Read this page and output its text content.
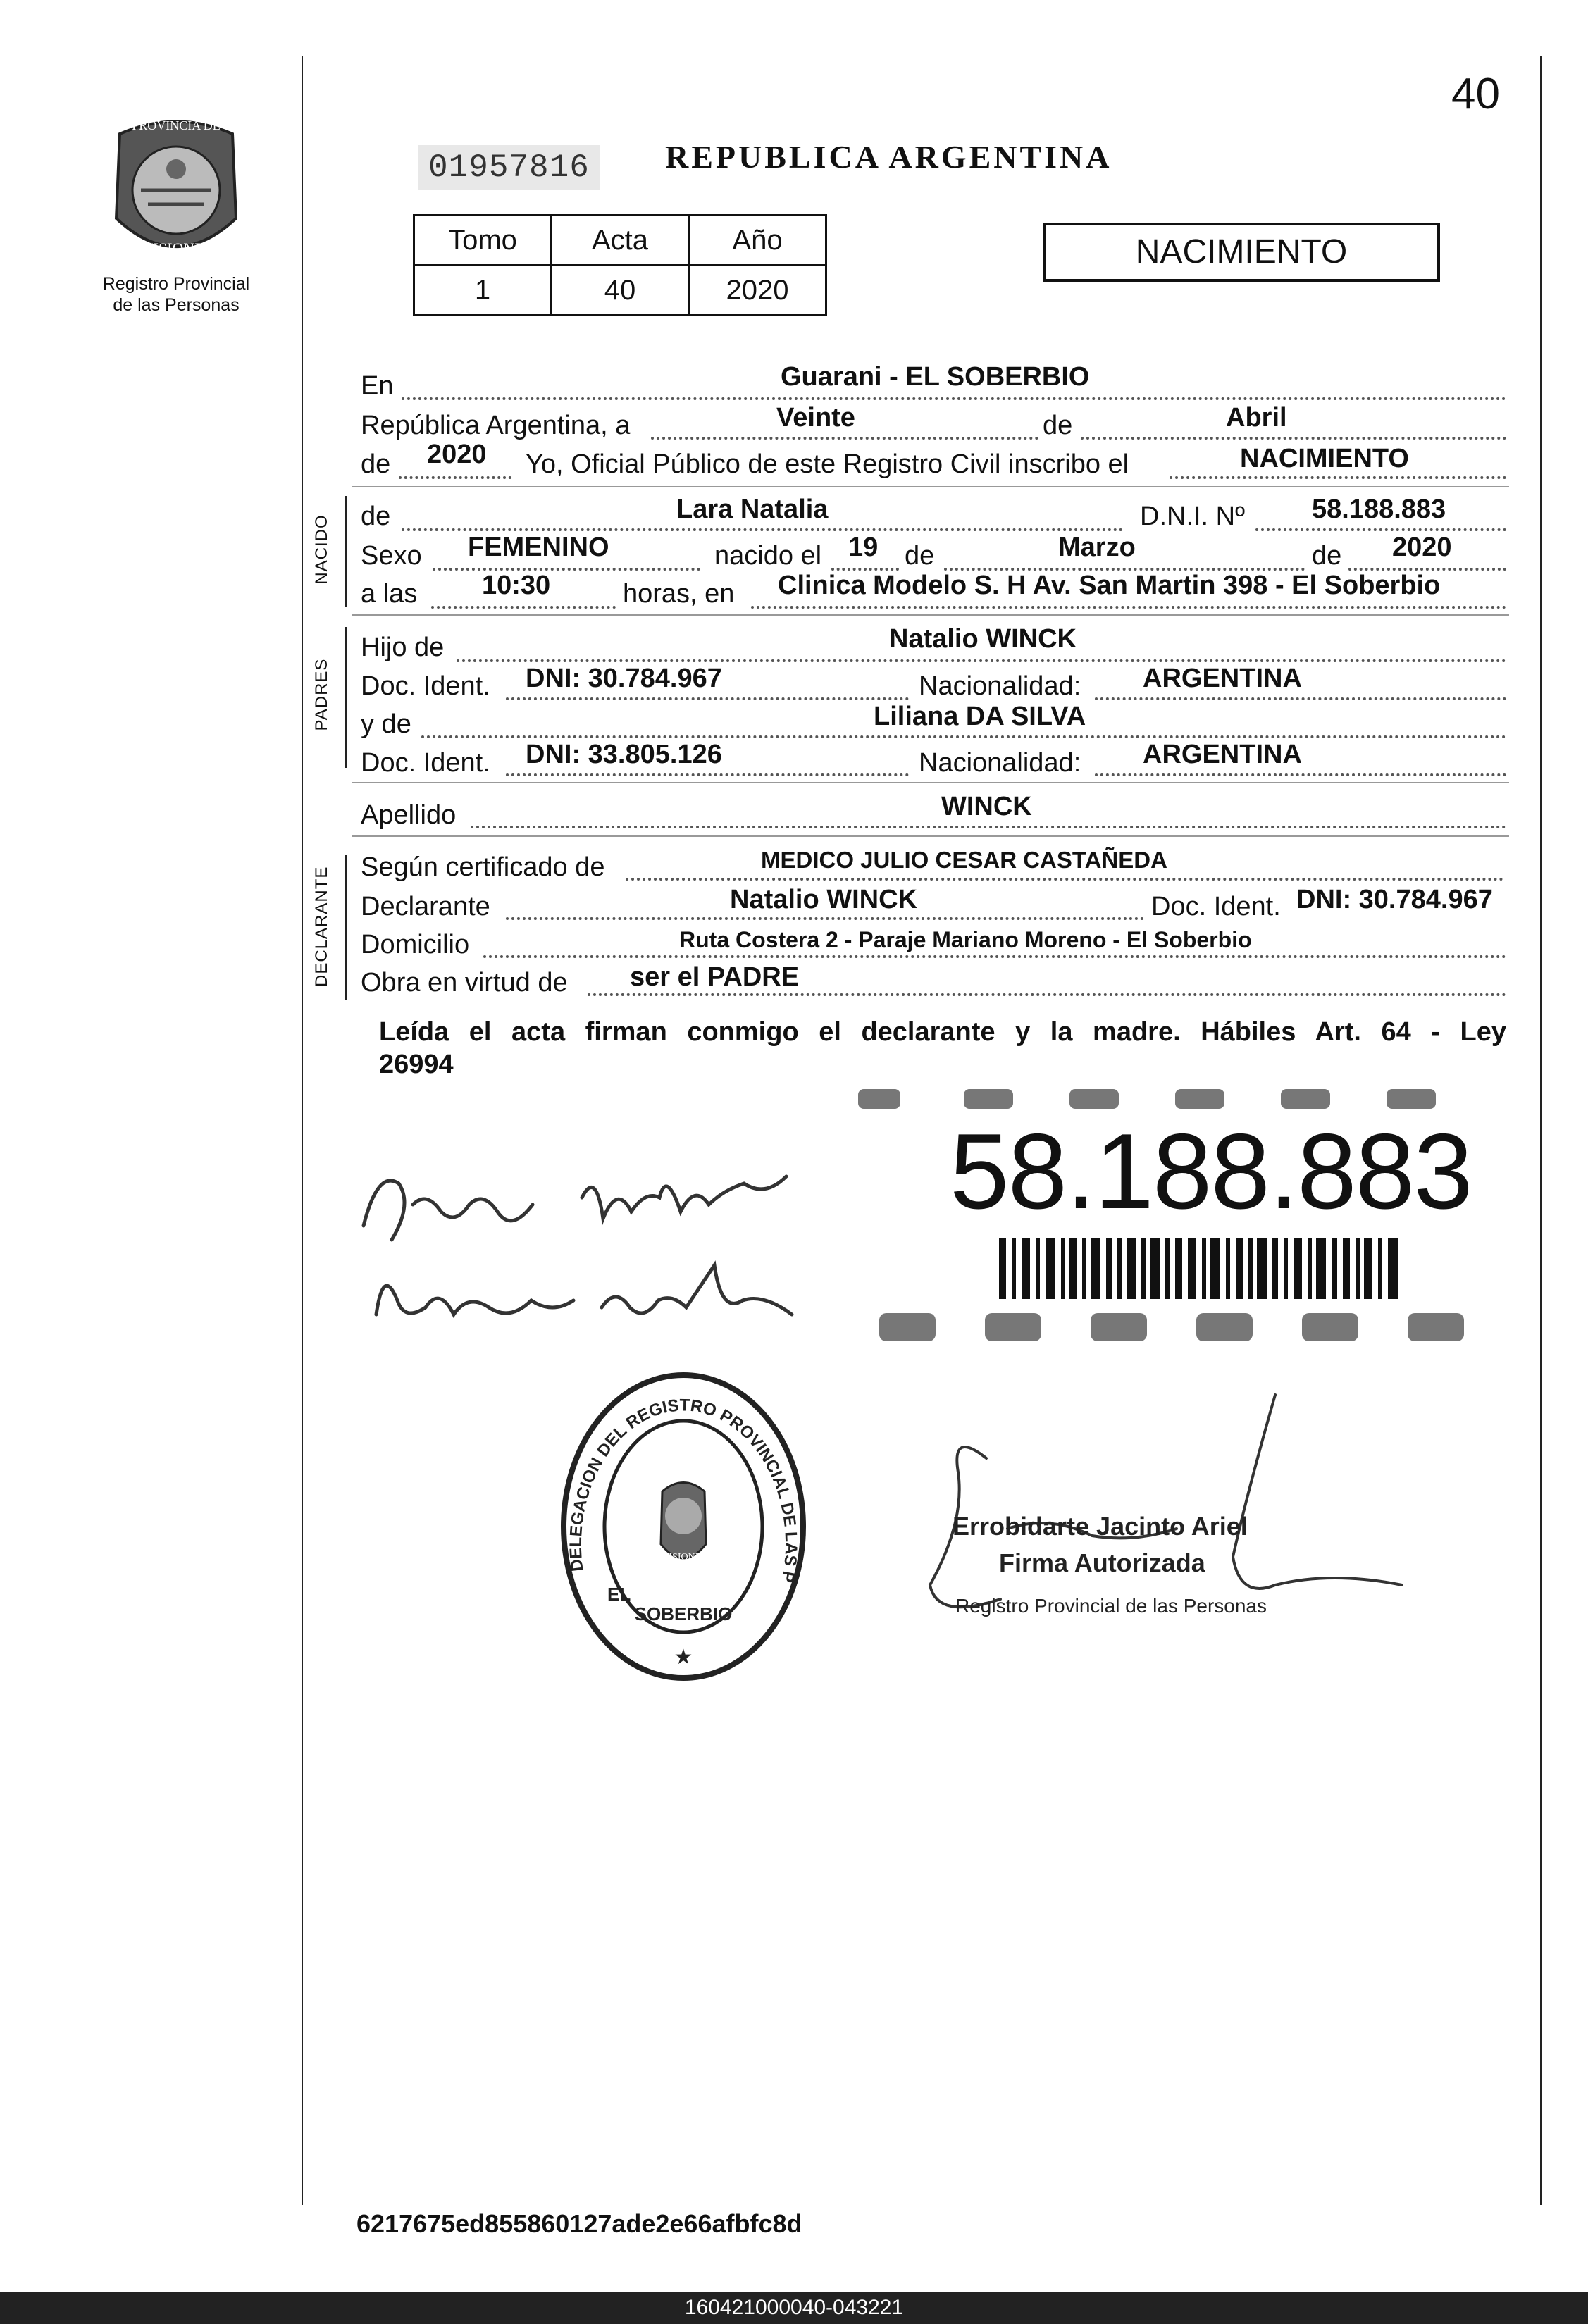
40
PROVINCIA DE
MISIONES
Registro Provincial
de las Personas
01957816	REPUBLICA ARGENTINA
Tomo	Acta	Año
1	40	2020
NACIMIENTO
En	Guarani - EL SOBERBIO
República Argentina, a	Veinte	de	Abril
de 2020 Yo, Oficial Público de este Registro Civil inscribo el	NACIMIENTO
NACIDO de	Lara Natalia	D.N.I. Nº	58.188.883
Sexo FEMENINO	nacido el 19 de	Marzo	de 2020
a las 10:30	horas, en Clinica Modelo S. H Av. San Martin 398 - El Soberbio
PADRES
Hijo de	Natalio WINCK
Doc. Ident. DNI: 30.784.967	Nacionalidad: ARGENTINA
y de	Liliana DA SILVA
Doc. Ident. DNI: 33.805.126	Nacionalidad: ARGENTINA
Apellido	WINCK
DECLARANTE Según certificado de	MEDICO JULIO CESAR CASTAÑEDA
Declarante	Natalio WINCK	Doc. Ident. DNI: 30.784.967
Domicilio	Ruta Costera 2 - Paraje Mariano Moreno - El Soberbio
Obra en virtud de ser el PADRE
Leída el acta firman conmigo el declarante y la madre. Hábiles Art. 64 - Ley
26994
58.188.883
MISIONES
EL
SOBERBIO
DELEGACION DEL REGISTRO PROVINCIAL DE LAS P
★
Errobidarte Jacinto Ariel
Firma Autorizada
Registro Provincial de las Personas
6217675ed855860127ade2e66afbfc8d
160421000040-043221
